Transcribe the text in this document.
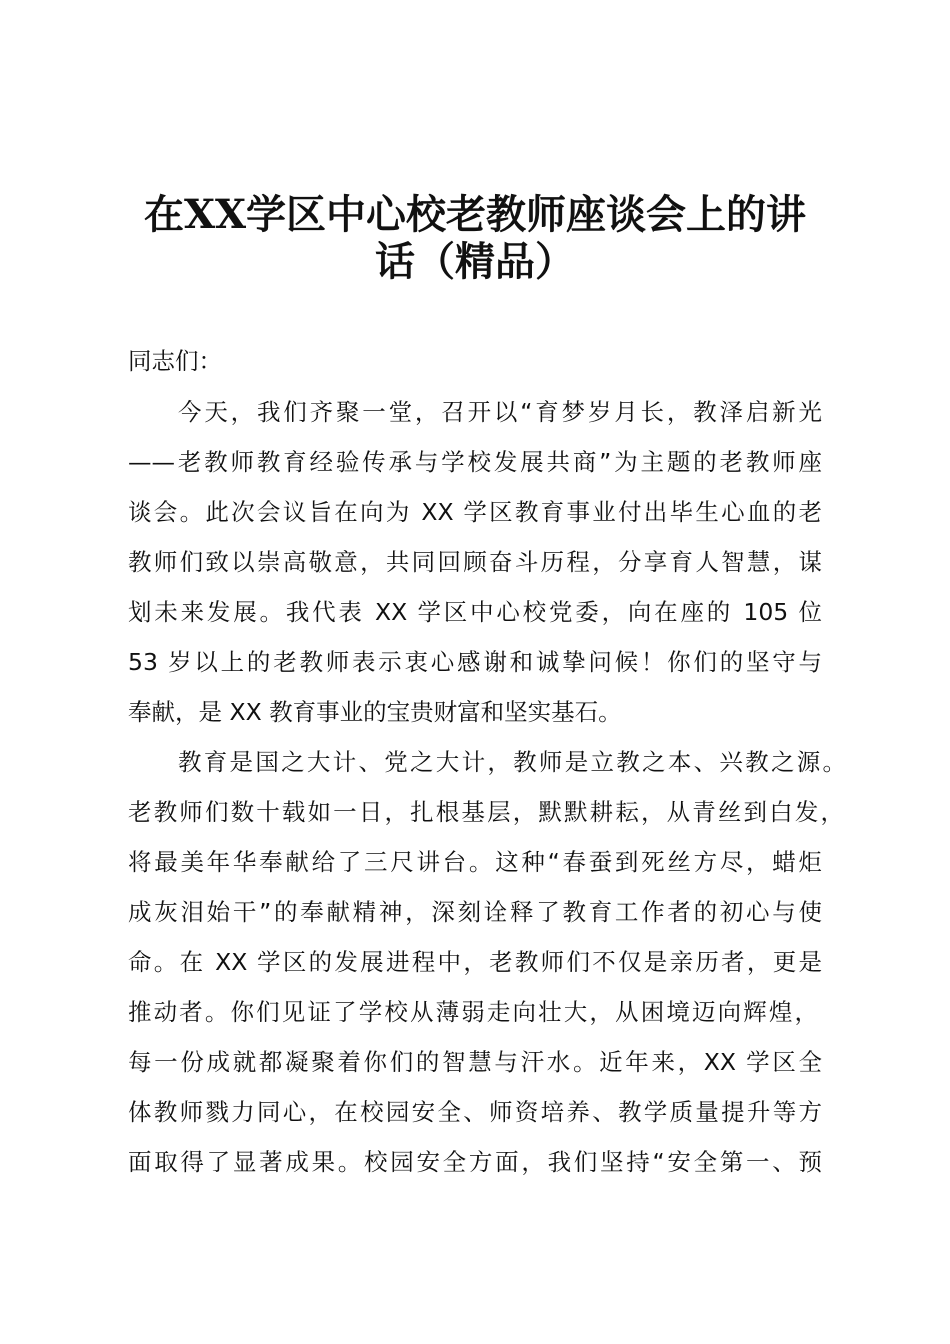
在XX学区中心校老教师座谈会上的讲
话（精品）
同志们：
今天，我们齐聚一堂，召开以“育梦岁月长，教泽启新光
——老教师教育经验传承与学校发展共商”为主题的老教师座
谈会。此次会议旨在向为 XX 学区教育事业付出毕生心血的老
教师们致以崇高敬意，共同回顾奋斗历程，分享育人智慧，谋
划未来发展。我代表 XX 学区中心校党委，向在座的 105 位
53 岁以上的老教师表示衷心感谢和诚挚问候！你们的坚守与
奉献，是 XX 教育事业的宝贵财富和坚实基石。
教育是国之大计、党之大计，教师是立教之本、兴教之源。
老教师们数十载如一日，扎根基层，默默耕耘，从青丝到白发，
将最美年华奉献给了三尺讲台。这种“春蚕到死丝方尽，蜡炬
成灰泪始干”的奉献精神，深刻诠释了教育工作者的初心与使
命。在 XX 学区的发展进程中，老教师们不仅是亲历者，更是
推动者。你们见证了学校从薄弱走向壮大，从困境迈向辉煌，
每一份成就都凝聚着你们的智慧与汗水。近年来，XX 学区全
体教师戮力同心，在校园安全、师资培养、教学质量提升等方
面取得了显著成果。校园安全方面，我们坚持“安全第一、预
